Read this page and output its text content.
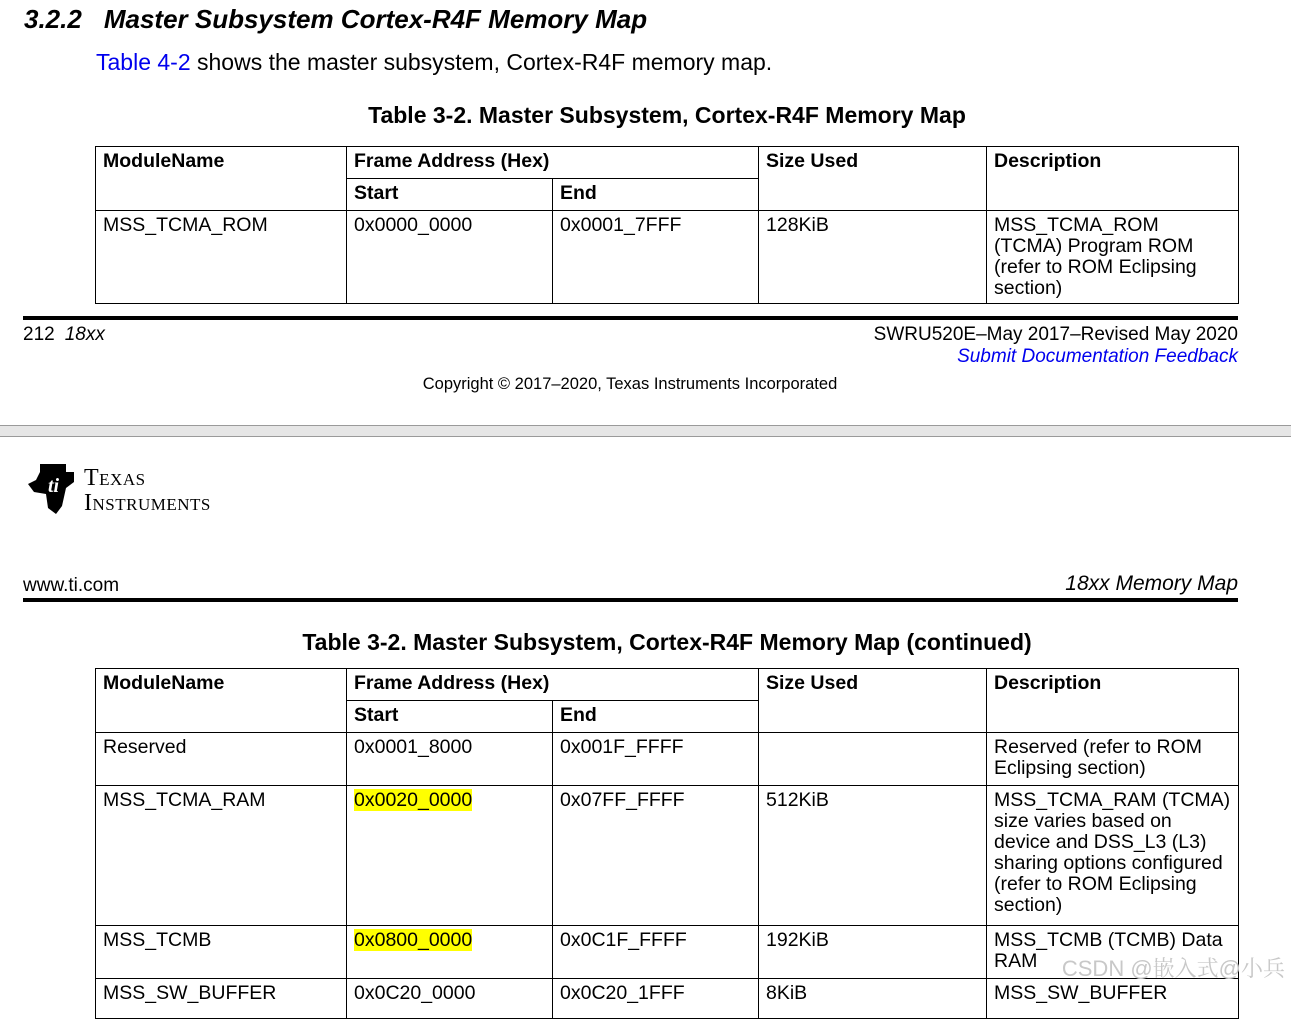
3.2.2 Master Subsystem Cortex-R4F Memory Map
Table 4-2 shows the master subsystem, Cortex-R4F memory map.
Table 3-2. Master Subsystem, Cortex-R4F Memory Map
ModuleName	Frame Address (Hex)		Size Used	Description
	Start	End		
MSS_TCMA_ROM	0x0000_0000	0x0001_7FFF	128KiB	MSS_TCMA_ROM (TCMA) Program ROM (refer to ROM Eclipsing section)
212 18xx	SWRU520E–May 2017–Revised May 2020
Submit Documentation Feedback
Copyright © 2017–2020, Texas Instruments Incorporated
ti Texas
Instruments
www.ti.com	18xx Memory Map
Table 3-2. Master Subsystem, Cortex-R4F Memory Map (continued)
ModuleName	Frame Address (Hex)		Size Used	Description
	Start	End		
Reserved	0x0001_8000	0x001F_FFFF		Reserved (refer to ROM Eclipsing section)
MSS_TCMA_RAM	0x0020_0000	0x07FF_FFFF	512KiB	MSS_TCMA_RAM (TCMA) size varies based on device and DSS_L3 (L3) sharing options configured (refer to ROM Eclipsing section)
MSS_TCMB	0x0800_0000	0x0C1F_FFFF	192KiB	MSS_TCMB (TCMB) Data RAM
MSS_SW_BUFFER	0x0C20_0000	0x0C20_1FFF	8KiB	MSS_SW_BUFFER
CSDN @嵌入式@小兵
